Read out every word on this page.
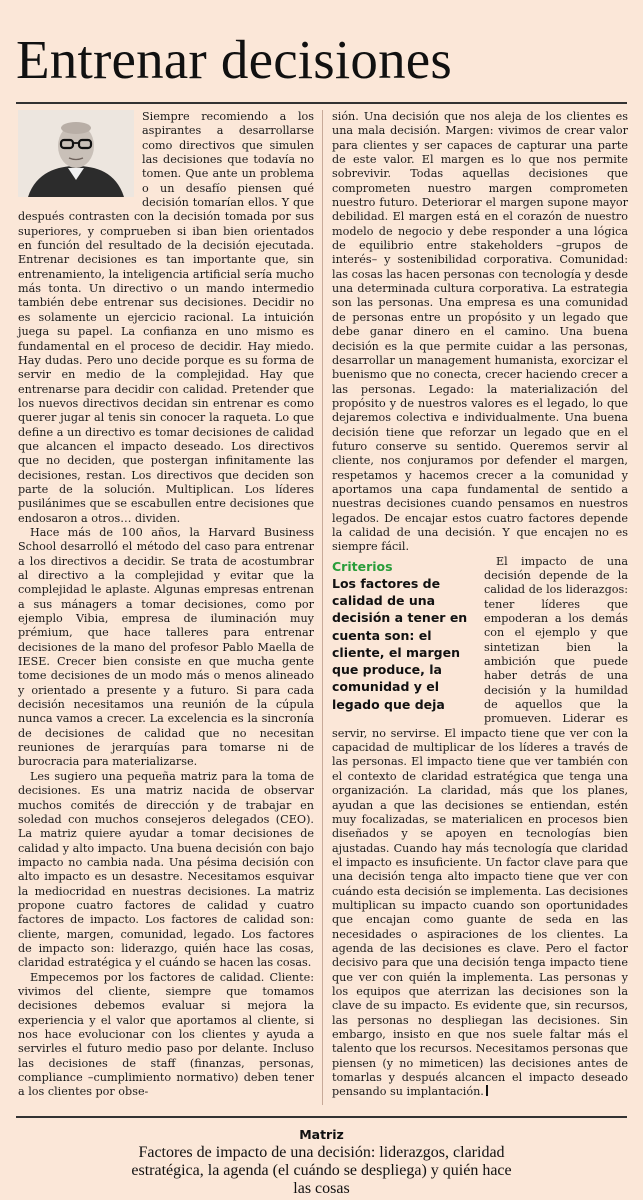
Entrenar decisiones

Siempre recomiendo a los aspirantes a desarrollarse como directivos que simulen las decisiones que todavía no tomen. Que ante un problema o un desafío piensen qué decisión tomarían ellos. Y que después contrasten con la decisión tomada por sus superiores, y comprueben si iban bien orientados en función del resultado de la decisión ejecutada. Entrenar decisiones es tan importante que, sin entrenamiento, la inteligencia artificial sería mucho más tonta. Un directivo o un mando intermedio también debe entrenar sus decisiones. Decidir no es solamente un ejercicio racional. La intuición juega su papel. La confianza en uno mismo es fundamental en el proceso de decidir. Hay miedo. Hay dudas. Pero uno decide porque es su forma de servir en medio de la complejidad. Hay que entrenarse para decidir con calidad. Pretender que los nuevos directivos decidan sin entrenar es como querer jugar al tenis sin conocer la raqueta. Lo que define a un directivo es tomar decisiones de calidad que alcancen el impacto deseado. Los directivos que no deciden, que postergan infinitamente las decisiones, restan. Los directivos que deciden son parte de la solución. Multiplican. Los líderes pusilánimes que se escabullen entre decisiones que endosaron a otros… dividen.

Hace más de 100 años, la Harvard Business School desarrolló el método del caso para entrenar a los directivos a decidir. Se trata de acostumbrar al directivo a la complejidad y evitar que la complejidad le aplaste. Algunas empresas entrenan a sus mánagers a tomar decisiones, como por ejemplo Vibia, empresa de iluminación muy prémium, que hace talleres para entrenar decisiones de la mano del profesor Pablo Maella de IESE. Crecer bien consiste en que mucha gente tome decisiones de un modo más o menos alineado y orientado a presente y a futuro. Si para cada decisión necesitamos una reunión de la cúpula nunca vamos a crecer. La excelencia es la sincronía de decisiones de calidad que no necesitan reuniones de jerarquías para tomarse ni de burocracia para materializarse.

Les sugiero una pequeña matriz para la toma de decisiones. Es una matriz nacida de observar muchos comités de dirección y de trabajar en soledad con muchos consejeros delegados (CEO). La matriz quiere ayudar a tomar decisiones de calidad y alto impacto. Una buena decisión con bajo impacto no cambia nada. Una pésima decisión con alto impacto es un desastre. Necesitamos esquivar la mediocridad en nuestras decisiones. La matriz propone cuatro factores de calidad y cuatro factores de impacto. Los factores de calidad son: cliente, margen, comunidad, legado. Los factores de impacto son: liderazgo, quién hace las cosas, claridad estratégica y el cuándo se hacen las cosas.

Empecemos por los factores de calidad. Cliente: vivimos del cliente, siempre que tomamos decisiones debemos evaluar si mejora la experiencia y el valor que aportamos al cliente, si nos hace evolucionar con los clientes y ayuda a servirles el futuro medio paso por delante. Incluso las decisiones de staff (finanzas, personas, compliance –cumplimiento normativo) deben tener a los clientes por obse-

sión. Una decisión que nos aleja de los clientes es una mala decisión. Margen: vivimos de crear valor para clientes y ser capaces de capturar una parte de este valor. El margen es lo que nos permite sobrevivir. Todas aquellas decisiones que comprometen nuestro margen comprometen nuestro futuro. Deteriorar el margen supone mayor debilidad. El margen está en el corazón de nuestro modelo de negocio y debe responder a una lógica de equilibrio entre stakeholders –grupos de interés– y sostenibilidad corporativa. Comunidad: las cosas las hacen personas con tecnología y desde una determinada cultura corporativa. La estrategia son las personas. Una empresa es una comunidad de personas entre un propósito y un legado que debe ganar dinero en el camino. Una buena decisión es la que permite cuidar a las personas, desarrollar un management humanista, exorcizar el buenismo que no conecta, crecer haciendo crecer a las personas. Legado: la materialización del propósito y de nuestros valores es el legado, lo que dejaremos colectiva e individualmente. Una buena decisión tiene que reforzar un legado que en el futuro conserve su sentido. Queremos servir al cliente, nos conjuramos por defender el margen, respetamos y hacemos crecer a la comunidad y aportamos una capa fundamental de sentido a nuestras decisiones cuando pensamos en nuestros legados. De encajar estos cuatro factores depende la calidad de una decisión. Y que encajen no es siempre fácil.

Criterios
Los factores de calidad de una decisión a tener en cuenta son: el cliente, el margen que produce, la comunidad y el legado que deja

El impacto de una decisión depende de la calidad de los liderazgos: tener líderes que empoderan a los demás con el ejemplo y que sintetizan bien la ambición que puede haber detrás de una decisión y la humildad de aquellos que la promueven. Liderar es servir, no servirse. El impacto tiene que ver con la capacidad de multiplicar de los líderes a través de las personas. El impacto tiene que ver también con el contexto de claridad estratégica que tenga una organización. La claridad, más que los planes, ayudan a que las decisiones se entiendan, estén muy focalizadas, se materialicen en procesos bien diseñados y se apoyen en tecnologías bien ajustadas. Cuando hay más tecnología que claridad el impacto es insuficiente. Un factor clave para que una decisión tenga alto impacto tiene que ver con cuándo esta decisión se implementa. Las decisiones multiplican su impacto cuando son oportunidades que encajan como guante de seda en las necesidades o aspiraciones de los clientes. La agenda de las decisiones es clave. Pero el factor decisivo para que una decisión tenga impacto tiene que ver con quién la implementa. Las personas y los equipos que aterrizan las decisiones son la clave de su impacto. Es evidente que, sin recursos, las personas no despliegan las decisiones. Sin embargo, insisto en que nos suele faltar más el talento que los recursos. Necesitamos personas que piensen (y no mimeticen) las decisiones antes de tomarlas y después alcancen el impacto deseado pensando su implantación.

Matriz
Factores de impacto de una decisión: liderazgos, claridad estratégica, la agenda (el cuándo se despliega) y quién hace las cosas
